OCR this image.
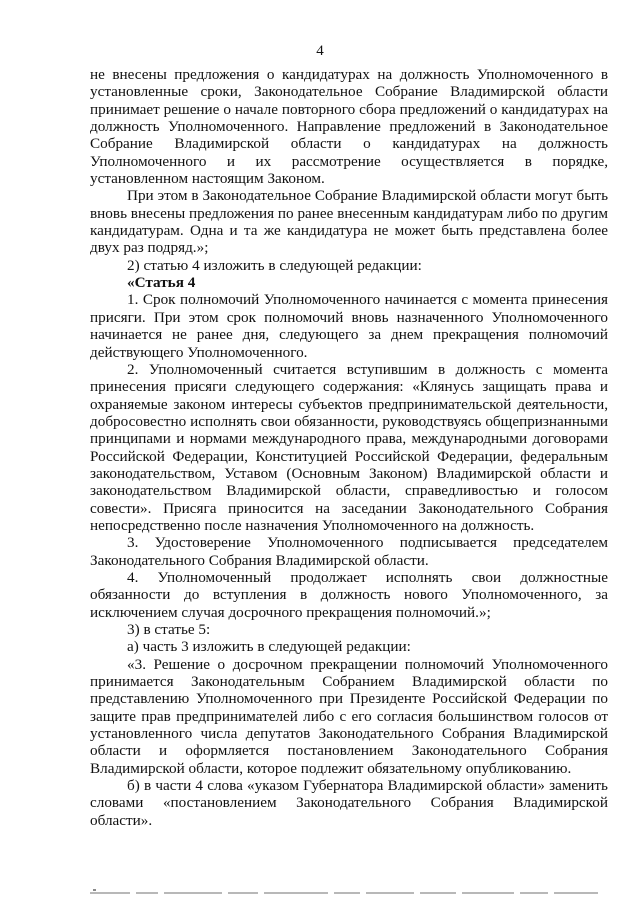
4

не внесены предложения о кандидатурах на должность Уполномоченного в установленные сроки, Законодательное Собрание Владимирской области принимает решение о начале повторного сбора предложений о кандидатурах на должность Уполномоченного. Направление предложений в Законодательное Собрание Владимирской области о кандидатурах на должность Уполномоченного и их рассмотрение осуществляется в порядке, установленном настоящим Законом.

При этом в Законодательное Собрание Владимирской области могут быть вновь внесены предложения по ранее внесенным кандидатурам либо по другим кандидатурам. Одна и та же кандидатура не может быть представлена более двух раз подряд.»;

2) статью 4 изложить в следующей редакции:

«Статья 4

1. Срок полномочий Уполномоченного начинается с момента принесения присяги. При этом срок полномочий вновь назначенного Уполномоченного начинается не ранее дня, следующего за днем прекращения полномочий действующего Уполномоченного.

2. Уполномоченный считается вступившим в должность с момента принесения присяги следующего содержания: «Клянусь защищать права и охраняемые законом интересы субъектов предпринимательской деятельности, добросовестно исполнять свои обязанности, руководствуясь общепризнанными принципами и нормами международного права, международными договорами Российской Федерации, Конституцией Российской Федерации, федеральным законодательством, Уставом (Основным Законом) Владимирской области и законодательством Владимирской области, справедливостью и голосом совести». Присяга приносится на заседании Законодательного Собрания непосредственно после назначения Уполномоченного на должность.

3. Удостоверение Уполномоченного подписывается председателем Законодательного Собрания Владимирской области.

4. Уполномоченный продолжает исполнять свои должностные обязанности до вступления в должность нового Уполномоченного, за исключением случая досрочного прекращения полномочий.»;

3) в статье 5:

а) часть 3 изложить в следующей редакции:

«3. Решение о досрочном прекращении полномочий Уполномоченного принимается Законодательным Собранием Владимирской области по представлению Уполномоченного при Президенте Российской Федерации по защите прав предпринимателей либо с его согласия большинством голосов от установленного числа депутатов Законодательного Собрания Владимирской области и оформляется постановлением Законодательного Собрания Владимирской области, которое подлежит обязательному опубликованию.

б) в части 4 слова «указом Губернатора Владимирской области» заменить словами «постановлением Законодательного Собрания Владимирской области».
